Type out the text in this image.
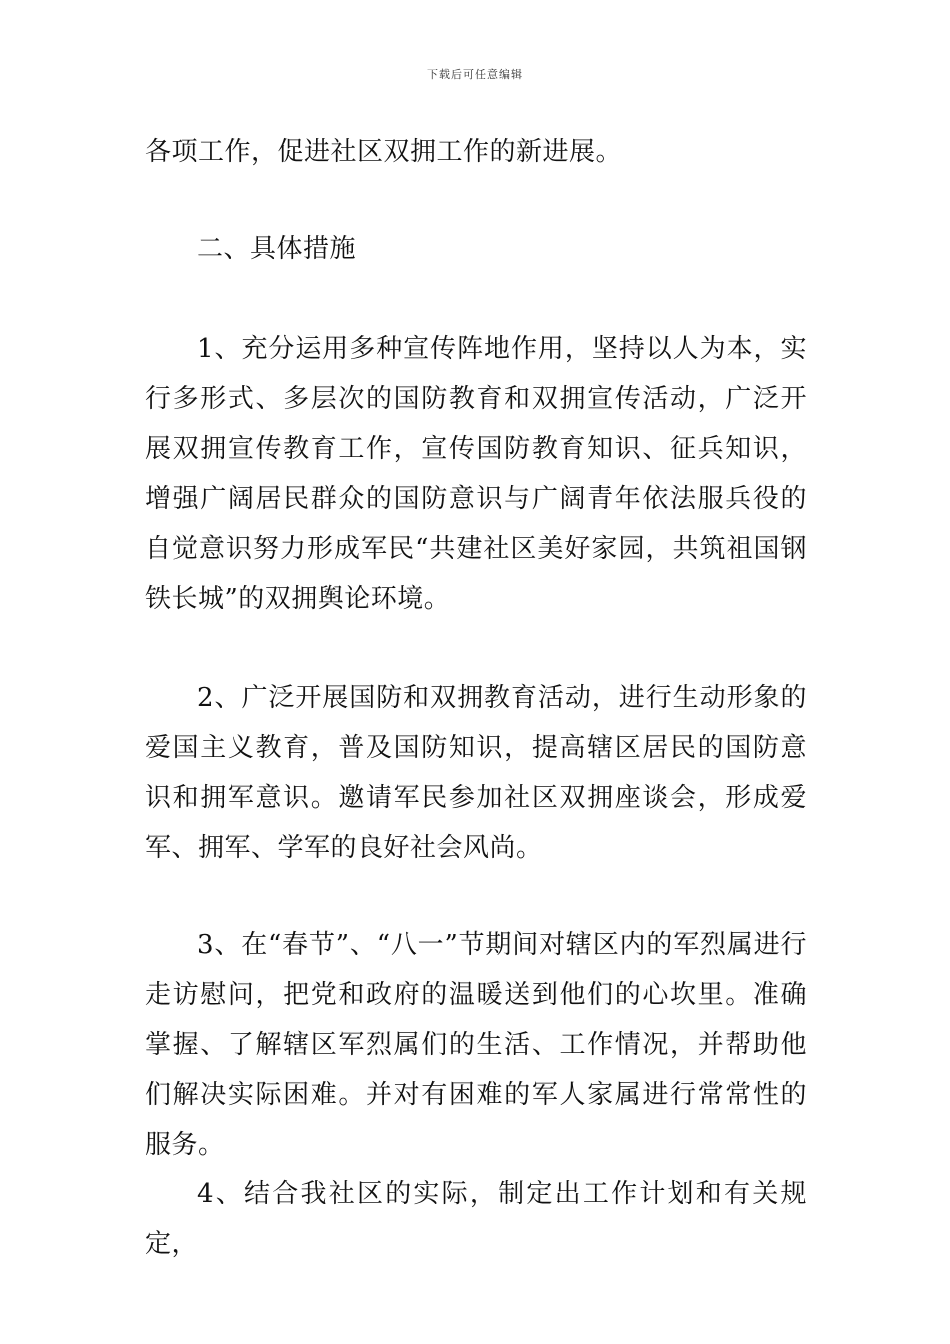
下载后可任意编辑

各项工作，促进社区双拥工作的新进展。

二、具体措施

1、充分运用多种宣传阵地作用，坚持以人为本，实行多形式、多层次的国防教育和双拥宣传活动，广泛开展双拥宣传教育工作，宣传国防教育知识、征兵知识，增强广阔居民群众的国防意识与广阔青年依法服兵役的自觉意识努力形成军民“共建社区美好家园，共筑祖国钢铁长城”的双拥舆论环境。

2、广泛开展国防和双拥教育活动，进行生动形象的爱国主义教育，普及国防知识，提高辖区居民的国防意识和拥军意识。邀请军民参加社区双拥座谈会，形成爱军、拥军、学军的良好社会风尚。

3、在“春节”、“八一”节期间对辖区内的军烈属进行走访慰问，把党和政府的温暖送到他们的心坎里。准确掌握、了解辖区军烈属们的生活、工作情况，并帮助他们解决实际困难。并对有困难的军人家属进行常常性的服务。

4、结合我社区的实际，制定出工作计划和有关规定，
